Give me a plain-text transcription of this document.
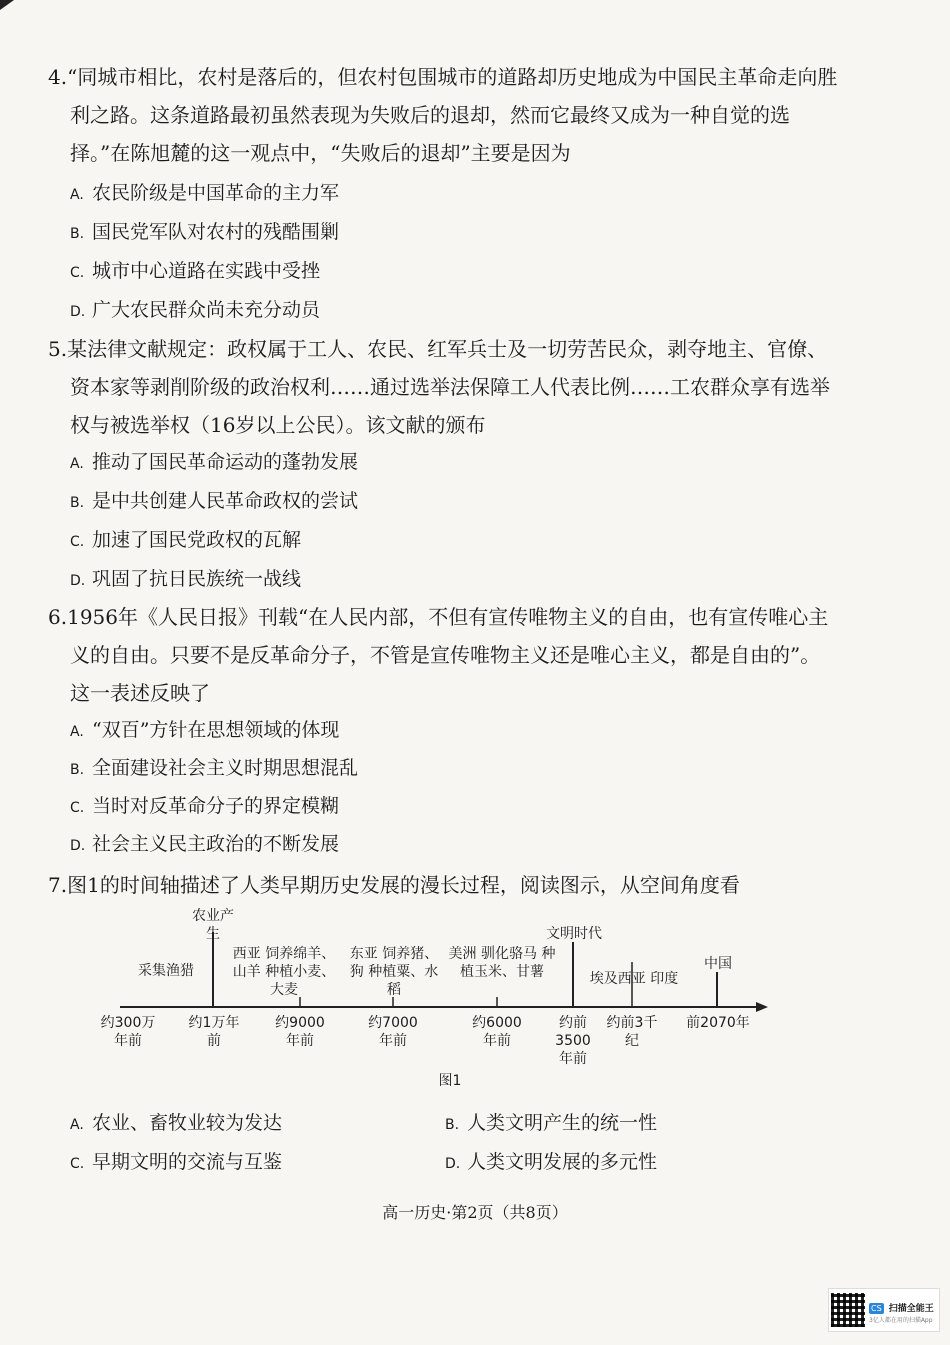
4.“同城市相比，农村是落后的，但农村包围城市的道路却历史地成为中国民主革命走向胜利之路。这条道路最初虽然表现为失败后的退却，然而它最终又成为一种自觉的选择。”在陈旭麓的这一观点中，“失败后的退却”主要是因为
A. 农民阶级是中国革命的主力军
B. 国民党军队对农村的残酷围剿
C. 城市中心道路在实践中受挫
D. 广大农民群众尚未充分动员
5.某法律文献规定：政权属于工人、农民、红军兵士及一切劳苦民众，剥夺地主、官僚、资本家等剥削阶级的政治权利……通过选举法保障工人代表比例……工农群众享有选举权与被选举权（16岁以上公民）。该文献的颁布
A. 推动了国民革命运动的蓬勃发展
B. 是中共创建人民革命政权的尝试
C. 加速了国民党政权的瓦解
D. 巩固了抗日民族统一战线
6.1956年《人民日报》刊载“在人民内部，不但有宣传唯物主义的自由，也有宣传唯心主义的自由。只要不是反革命分子，不管是宣传唯物主义还是唯心主义，都是自由的”。这一表述反映了
A. “双百”方针在思想领域的体现
B. 全面建设社会主义时期思想混乱
C. 当时对反革命分子的界定模糊
D. 社会主义民主政治的不断发展
7.图1的时间轴描述了人类早期历史发展的漫长过程，阅读图示，从空间角度看
采集渔猎
农业产生
西亚 饲养绵羊、山羊 种植小麦、大麦
东亚 饲养猪、狗 种植粟、水稻
美洲 驯化骆马 种植玉米、甘薯
文明时代
埃及西亚 印度
中国
约300万年前
约1万年前
约9000年前
约7000年前
约6000年前
约前3500年前
约前3千纪
前2070年
图1
A. 农业、畜牧业较为发达	B. 人类文明产生的统一性
C. 早期文明的交流与互鉴	D. 人类文明发展的多元性
高一历史·第2页（共8页）
CS 扫描全能王
3亿人都在用的扫描App
